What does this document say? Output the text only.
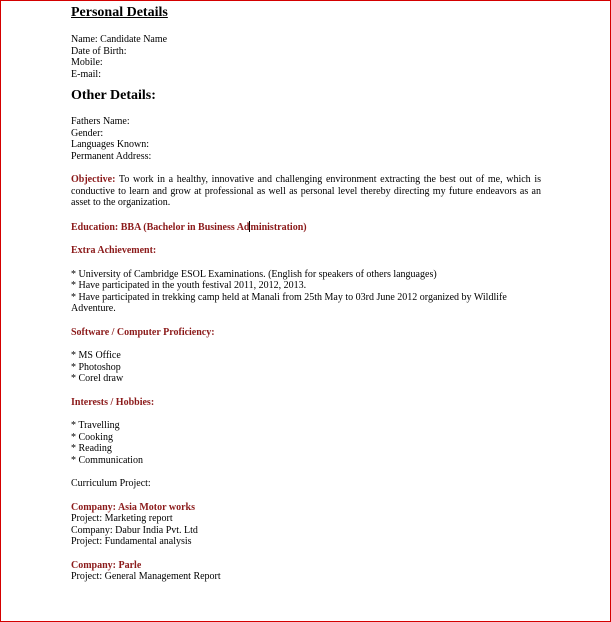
Personal Details
Name: Candidate Name
Date of Birth:
Mobile:
E-mail:
Other Details:
Fathers Name:
Gender:
Languages Known:
Permanent Address:
Objective: To work in a healthy, innovative and challenging environment extracting the best out of me, which is conductive to learn and grow at professional as well as personal level thereby directing my future endeavors as an asset to the organization.
Education: BBA (Bachelor in Business Administration)
Extra Achievement:
* University of Cambridge ESOL Examinations. (English for speakers of others languages)
* Have participated in the youth festival 2011, 2012, 2013.
* Have participated in trekking camp held at Manali from 25th May to 03rd June 2012 organized by Wildlife
Adventure.
Software / Computer Proficiency:
* MS Office
* Photoshop
* Corel draw
Interests / Hobbies:
* Travelling
* Cooking
* Reading
* Communication
Curriculum Project:
Company: Asia Motor works
Project: Marketing report
Company: Dabur India Pvt. Ltd
Project: Fundamental analysis
Company: Parle
Project: General Management Report
